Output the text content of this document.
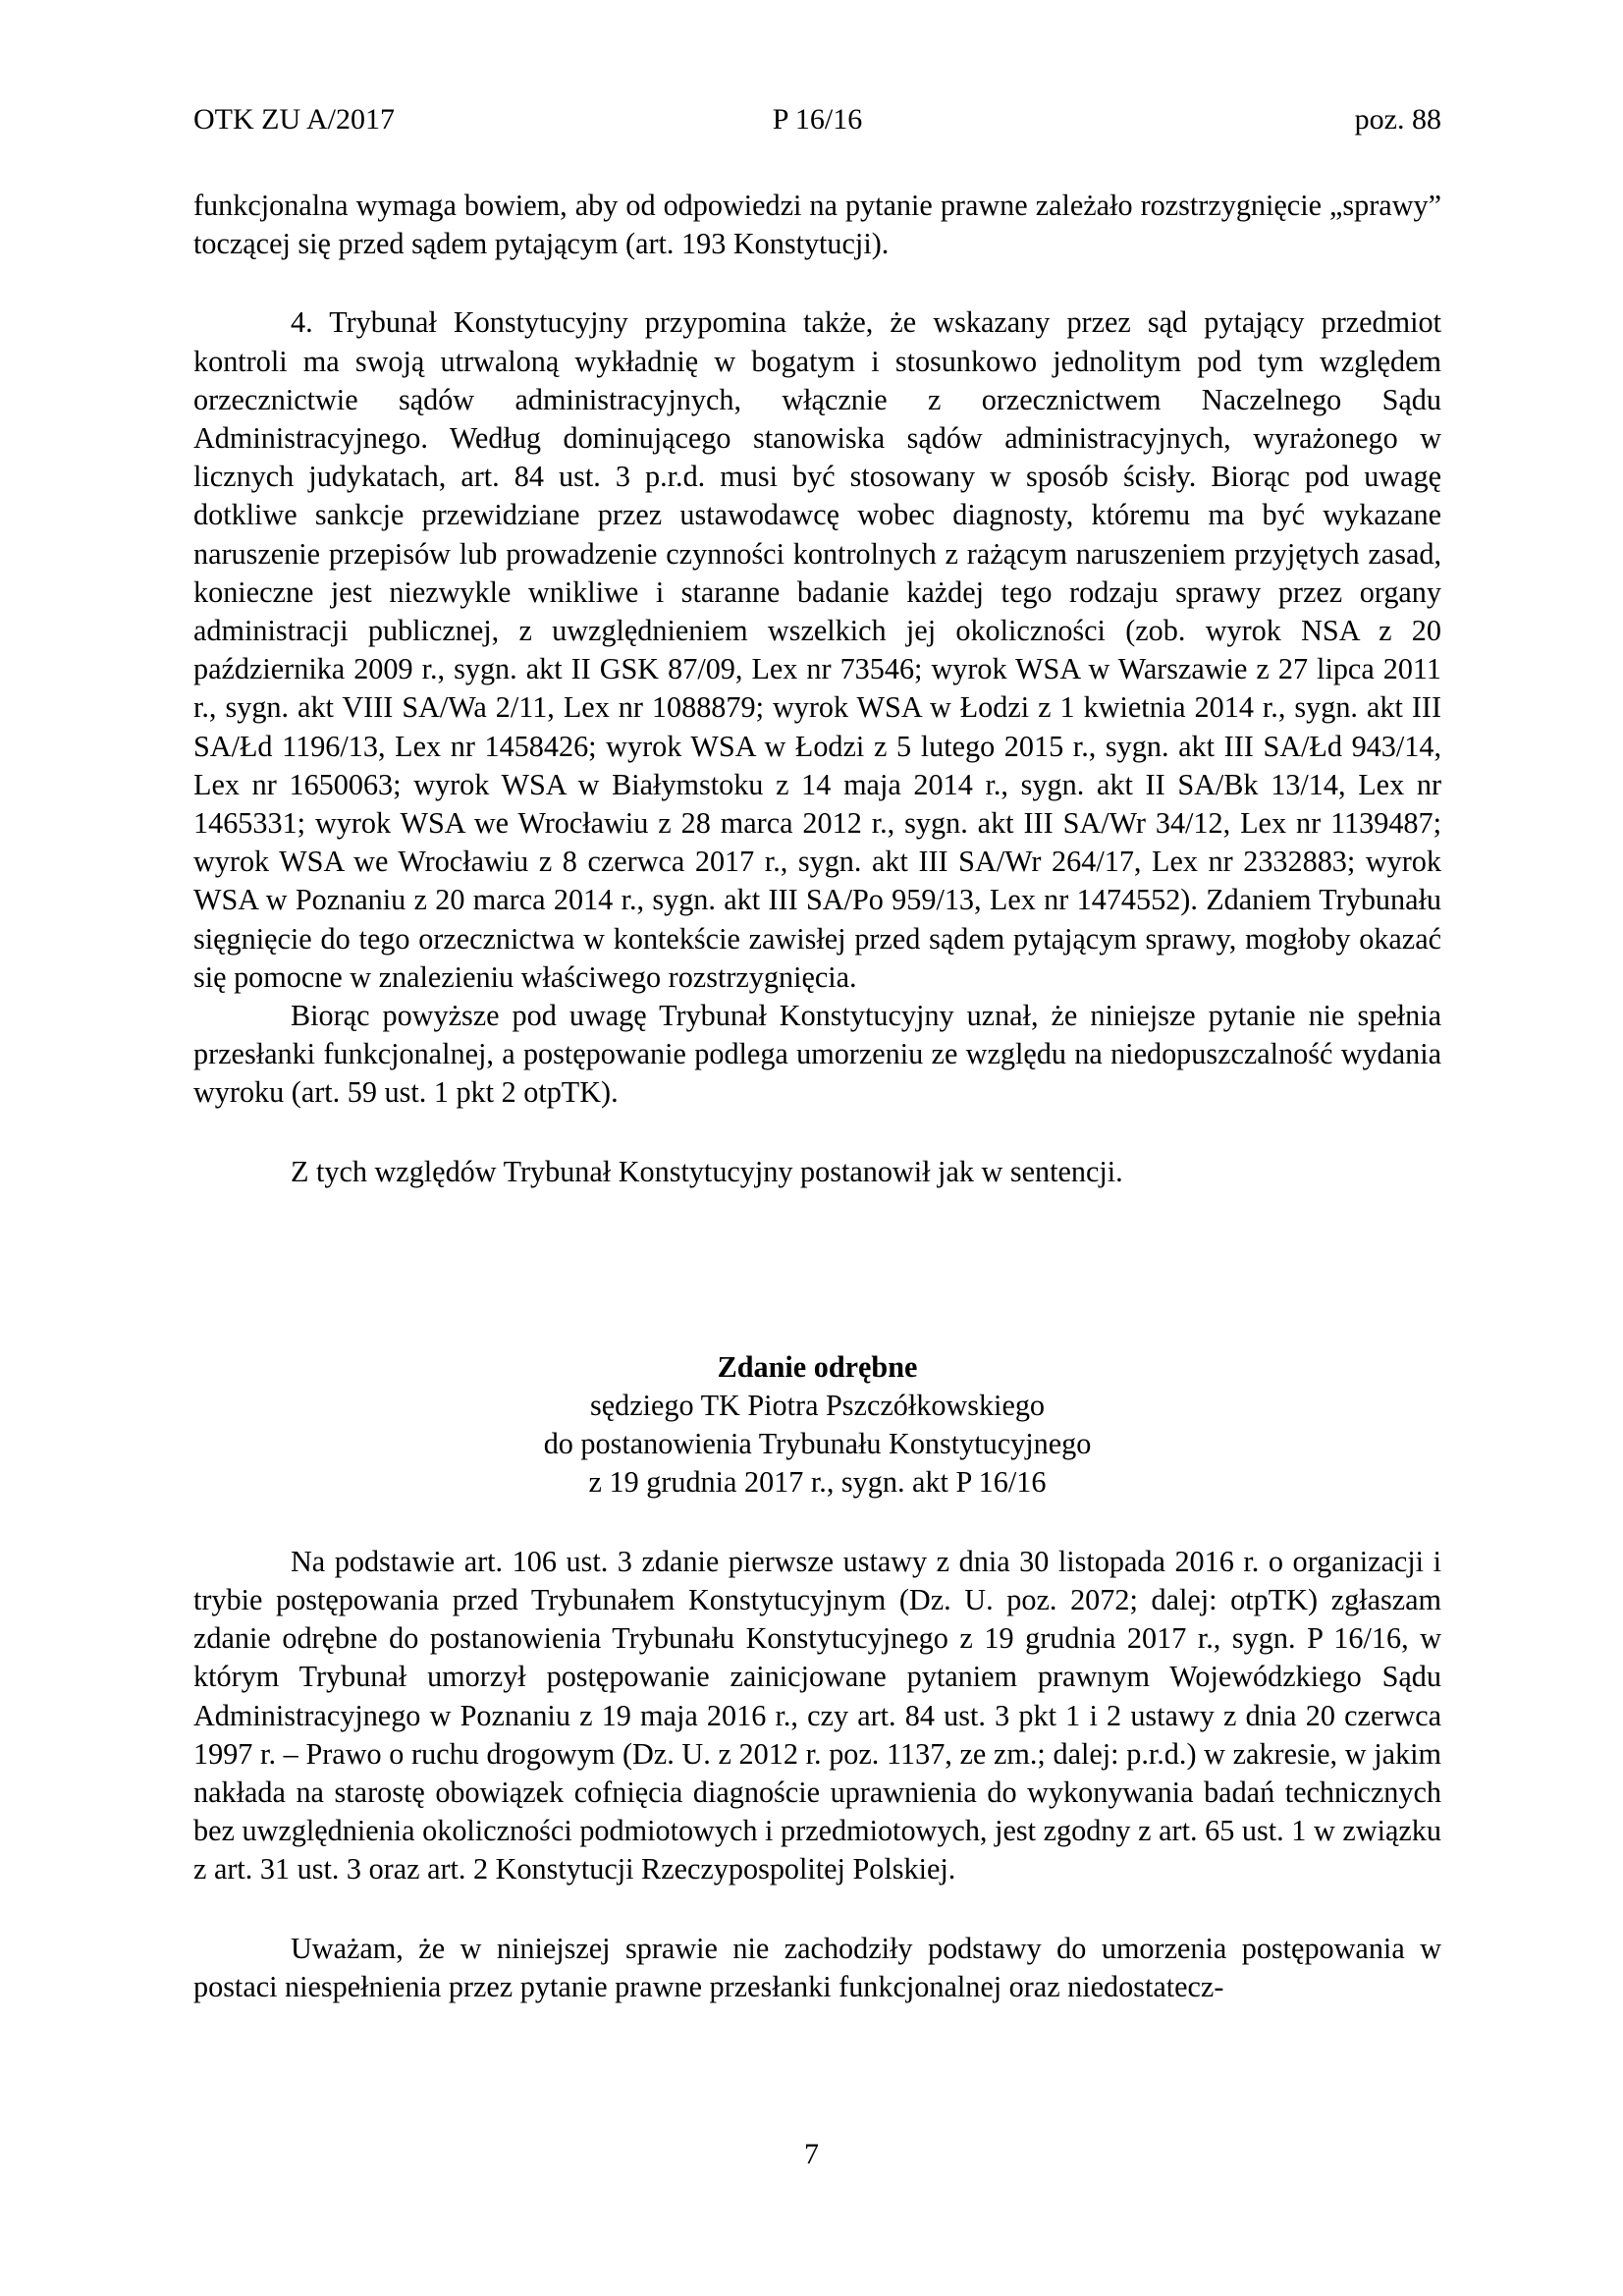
OTK ZU A/2017	P 16/16	poz. 88

funkcjonalna wymaga bowiem, aby od odpowiedzi na pytanie prawne zależało rozstrzygnięcie „sprawy” toczącej się przed sądem pytającym (art. 193 Konstytucji).

4. Trybunał Konstytucyjny przypomina także, że wskazany przez sąd pytający przedmiot kontroli ma swoją utrwaloną wykładnię w bogatym i stosunkowo jednolitym pod tym względem orzecznictwie sądów administracyjnych, włącznie z orzecznictwem Naczelnego Sądu Administracyjnego. Według dominującego stanowiska sądów administracyjnych, wyrażonego w licznych judykatach, art. 84 ust. 3 p.r.d. musi być stosowany w sposób ścisły. Biorąc pod uwagę dotkliwe sankcje przewidziane przez ustawodawcę wobec diagnosty, któremu ma być wykazane naruszenie przepisów lub prowadzenie czynności kontrolnych z rażącym naruszeniem przyjętych zasad, konieczne jest niezwykle wnikliwe i staranne badanie każdej tego rodzaju sprawy przez organy administracji publicznej, z uwzględnieniem wszelkich jej okoliczności (zob. wyrok NSA z 20 października 2009 r., sygn. akt II GSK 87/09, Lex nr 73546; wyrok WSA w Warszawie z 27 lipca 2011 r., sygn. akt VIII SA/Wa 2/11, Lex nr 1088879; wyrok WSA w Łodzi z 1 kwietnia 2014 r., sygn. akt III SA/Łd 1196/13, Lex nr 1458426; wyrok WSA w Łodzi z 5 lutego 2015 r., sygn. akt III SA/Łd 943/14, Lex nr 1650063; wyrok WSA w Białymstoku z 14 maja 2014 r., sygn. akt II SA/Bk 13/14, Lex nr 1465331; wyrok WSA we Wrocławiu z 28 marca 2012 r., sygn. akt III SA/Wr 34/12, Lex nr 1139487; wyrok WSA we Wrocławiu z 8 czerwca 2017 r., sygn. akt III SA/Wr 264/17, Lex nr 2332883; wyrok WSA w Poznaniu z 20 marca 2014 r., sygn. akt III SA/Po 959/13, Lex nr 1474552). Zdaniem Trybunału sięgnięcie do tego orzecznictwa w kontekście zawisłej przed sądem pytającym sprawy, mogłoby okazać się pomocne w znalezieniu właściwego rozstrzygnięcia.

Biorąc powyższe pod uwagę Trybunał Konstytucyjny uznał, że niniejsze pytanie nie spełnia przesłanki funkcjonalnej, a postępowanie podlega umorzeniu ze względu na niedopuszczalność wydania wyroku (art. 59 ust. 1 pkt 2 otpTK).

Z tych względów Trybunał Konstytucyjny postanowił jak w sentencji.

Zdanie odrębne

sędziego TK Piotra Pszczółkowskiego

do postanowienia Trybunału Konstytucyjnego

z 19 grudnia 2017 r., sygn. akt P 16/16

Na podstawie art. 106 ust. 3 zdanie pierwsze ustawy z dnia 30 listopada 2016 r. o organizacji i trybie postępowania przed Trybunałem Konstytucyjnym (Dz. U. poz. 2072; dalej: otpTK) zgłaszam zdanie odrębne do postanowienia Trybunału Konstytucyjnego z 19 grudnia 2017 r., sygn. P 16/16, w którym Trybunał umorzył postępowanie zainicjowane pytaniem prawnym Wojewódzkiego Sądu Administracyjnego w Poznaniu z 19 maja 2016 r., czy art. 84 ust. 3 pkt 1 i 2 ustawy z dnia 20 czerwca 1997 r. – Prawo o ruchu drogowym (Dz. U. z 2012 r. poz. 1137, ze zm.; dalej: p.r.d.) w zakresie, w jakim nakłada na starostę obowiązek cofnięcia diagnoście uprawnienia do wykonywania badań technicznych bez uwzględnienia okoliczności podmiotowych i przedmiotowych, jest zgodny z art. 65 ust. 1 w związku z art. 31 ust. 3 oraz art. 2 Konstytucji Rzeczypospolitej Polskiej.

Uważam, że w niniejszej sprawie nie zachodziły podstawy do umorzenia postępowania w postaci niespełnienia przez pytanie prawne przesłanki funkcjonalnej oraz niedostatecz-

7
